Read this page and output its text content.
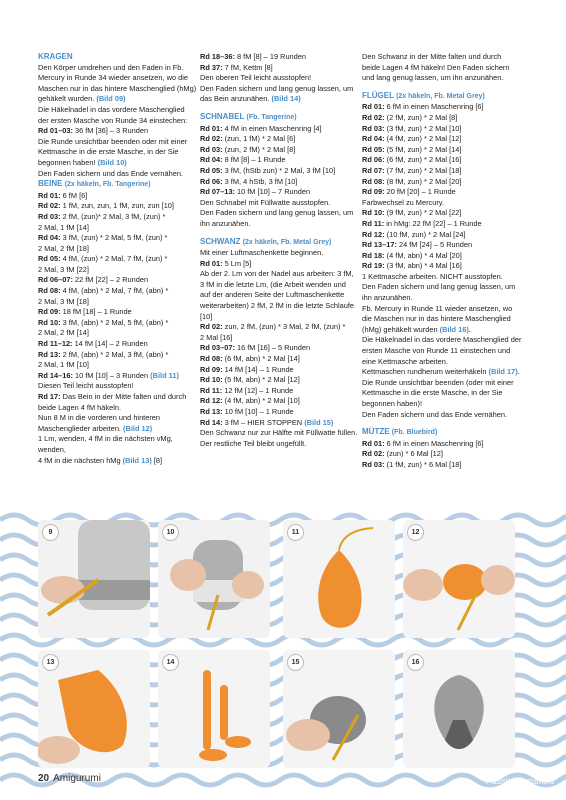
KRAGEN

Den Körper umdrehen und den Faden in Fb.

Mercury in Runde 34 wieder ansetzen, wo die

Maschen nur in das hintere Maschenglied (hMg)

gehäkelt wurden. (Bild 09)

Die Häkelnadel in das vordere Maschenglied

der ersten Masche von Runde 34 einstechen:

Rd 01–03: 36 fM [36] – 3 Runden

Die Runde unsichtbar beenden oder mit einer

Kettmasche in die erste Masche, in der Sie

begonnen haben! (Bild 10)

Den Faden sichern und das Ende vernähen.

BEINE (2x häkeln, Fb. Tangerine)

Rd 01: 6 fM [6]

Rd 02: 1 fM, zun, zun, 1 fM, zun, zun [10]

Rd 03: 2 fM, (zun)* 2 Mal, 3 fM, (zun) *

2 Mal, 1 fM [14]

Rd 04: 3 fM, (zun) * 2 Mal, 5 fM, (zun) *

2 Mal, 2 fM [18]

Rd 05: 4 fM, (zun) * 2 Mal, 7 fM, (zun) *

2 Mal, 3 fM [22]

Rd 06–07: 22 fM [22] – 2 Runden

Rd 08: 4 fM, (abn) * 2 Mal, 7 fM, (abn) *

2 Mal, 3 fM [18]

Rd 09: 18 fM [18] – 1 Runde

Rd 10: 3 fM, (abn) * 2 Mal, 5 fM, (abn) *

2 Mal, 2 fM [14]

Rd 11–12: 14 fM [14] – 2 Runden

Rd 13: 2 fM, (abn) * 2 Mal, 3 fM, (abn) *

2 Mal, 1 fM [10]

Rd 14–16: 10 fM [10] – 3 Runden (Bild 11)

Diesen Teil leicht ausstopfen!

Rd 17: Das Bein in der Mitte falten und durch

beide Lagen 4 fM häkeln.

Nun 8 M in die vorderen und hinteren

Maschenglieder arbeiten. (Bild 12)

1 Lm, wenden, 4 fM in die nächsten vMg, wenden,

4 fM in die nächsten hMg (Bild 13) [8]

Rd 18–36: 8 fM [8] – 19 Runden

Rd 37: 7 fM, Kettm [8]

Den oberen Teil leicht ausstopfen!

Den Faden sichern und lang genug lassen, um

das Bein anzunähen. (Bild 14)

SCHNABEL (Fb. Tangerine)

Rd 01: 4 fM in einen Maschenring [4]

Rd 02: (zun, 1 fM) * 2 Mal [6]

Rd 03: (zun, 2 fM) * 2 Mal [8]

Rd 04: 8 fM [8] – 1 Runde

Rd 05: 3 fM, (hStb zun) * 2 Mal, 3 fM [10]

Rd 06: 3 fM, 4 hStb, 3 fM [10]

Rd 07–13: 10 fM [10] – 7 Runden

Den Schnabel mit Füllwatte ausstopfen.

Den Faden sichern und lang genug lassen, um

ihn anzunähen.

SCHWANZ (2x häkeln, Fb. Metal Grey)

Mit einer Luftmaschenkette beginnen.

Rd 01: 5 Lm [5]

Ab der 2. Lm von der Nadel aus arbeiten: 3 fM,

3 fM in die letzte Lm, (die Arbeit wenden und

auf der anderen Seite der Luftmaschenkette

weiterarbeiten) 2 fM, 2 fM in die letzte Schlaufe

[10]

Rd 02: zun, 2 fM, (zun) * 3 Mal, 2 fM, (zun) *

2 Mal [16]

Rd 03–07: 16 fM [16] – 5 Runden

Rd 08: (6 fM, abn) * 2 Mal [14]

Rd 09: 14 fM [14] – 1 Runde

Rd 10: (5 fM, abn) * 2 Mal [12]

Rd 11: 12 fM [12] – 1 Runde

Rd 12: (4 fM, abn) * 2 Mal [10]

Rd 13: 10 fM [10] – 1 Runde

Rd 14: 3 fM – HIER STOPPEN (Bild 15)

Den Schwanz nur zur Hälfte mit Füllwatte füllen.

Der restliche Teil bleibt ungefüllt.

Den Schwanz in der Mitte falten und durch

beide Lagen 4 fM häkeln! Den Faden sichern

und lang genug lassen, um ihn anzunähen.

FLÜGEL (2x häkeln, Fb. Metal Grey)

Rd 01: 6 fM in einen Maschenring [6]

Rd 02: (2 fM, zun) * 2 Mal [8]

Rd 03: (3 fM, zun) * 2 Mal [10]

Rd 04: (4 fM, zun) * 2 Mal [12]

Rd 05: (5 fM, zun) * 2 Mal [14]

Rd 06: (6 fM, zun) * 2 Mal [16]

Rd 07: (7 fM, zun) * 2 Mal [18]

Rd 08: (8 fM, zun) * 2 Mal [20]

Rd 09: 20 fM [20] – 1 Runde

Farbwechsel zu Mercury.

Rd 10: (9 fM, zun) * 2 Mal [22]

Rd 11: in hMg: 22 fM [22] – 1 Runde

Rd 12: (10 fM, zun) * 2 Mal [24]

Rd 13–17: 24 fM [24] – 5 Runden

Rd 18: (4 fM, abn) * 4 Mal [20]

Rd 19: (3 fM, abn) * 4 Mal [16]

1 Kettmasche arbeiten. NICHT ausstopfen.

Den Faden sichern und lang genug lassen, um

ihn anzunähen.

Fb. Mercury in Runde 11 wieder ansetzen, wo

die Maschen nur in das hintere Maschenglied

(hMg) gehäkelt wurden (Bild 16).

Die Häkelnadel in das vordere Maschenglied der

ersten Masche von Runde 11 einstechen und

eine Kettmasche arbeiten.

Kettmaschen rundherum weiterhäkeln (Bild 17).

Die Runde unsichtbar beenden (oder mit einer

Kettmasche in die erste Masche, in der Sie

begonnen haben)!

Den Faden sichern und das Ende vernähen.

MÜTZE (Fb. Bluebird)

Rd 01: 6 fM in einen Maschenring [6]

Rd 02: (zun) * 6 Mal [12]

Rd 03: (1 fM, zun) * 6 Mal [18]

9	10	11	12
13	14	15	16
20 Amigurumi	PassionForum.ru
